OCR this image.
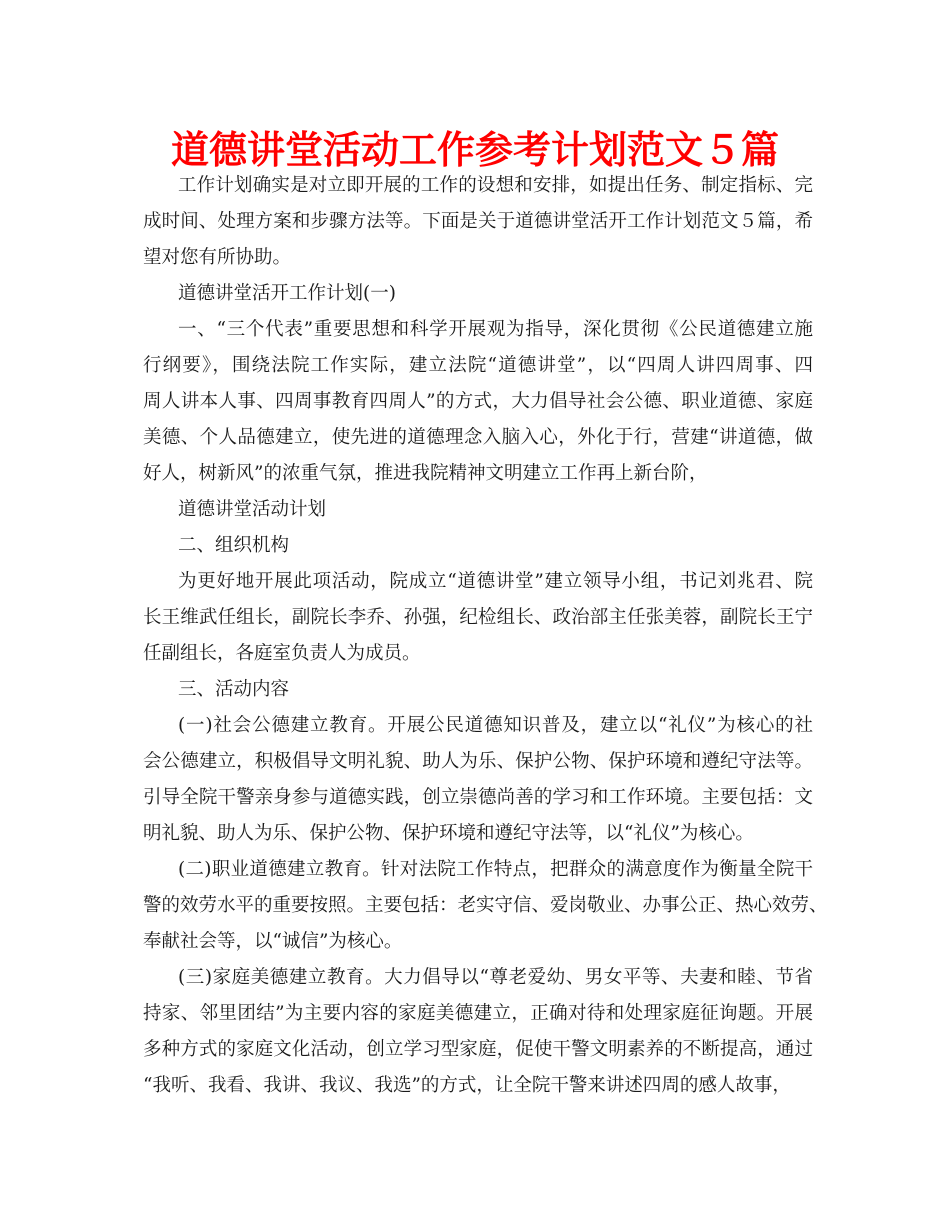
道德讲堂活动工作参考计划范文５篇

工作计划确实是对立即开展的工作的设想和安排，如提出任务、制定指标、完

成时间、处理方案和步骤方法等。下面是关于道德讲堂活开工作计划范文５篇，希

望对您有所协助。

道德讲堂活开工作计划(一)

一、“三个代表”重要思想和科学开展观为指导，深化贯彻《公民道德建立施

行纲要》，围绕法院工作实际，建立法院“道德讲堂”，以“四周人讲四周事、四

周人讲本人事、四周事教育四周人”的方式，大力倡导社会公德、职业道德、家庭

美德、个人品德建立，使先进的道德理念入脑入心，外化于行，营建“讲道德，做

好人，树新风”的浓重气氛，推进我院精神文明建立工作再上新台阶，

道德讲堂活动计划

二、组织机构

为更好地开展此项活动，院成立“道德讲堂”建立领导小组，书记刘兆君、院

长王维武任组长，副院长李乔、孙强，纪检组长、政治部主任张美蓉，副院长王宁

任副组长，各庭室负责人为成员。

三、活动内容

(一)社会公德建立教育。开展公民道德知识普及，建立以“礼仪”为核心的社

会公德建立，积极倡导文明礼貌、助人为乐、保护公物、保护环境和遵纪守法等。

引导全院干警亲身参与道德实践，创立崇德尚善的学习和工作环境。主要包括：文

明礼貌、助人为乐、保护公物、保护环境和遵纪守法等，以“礼仪”为核心。

(二)职业道德建立教育。针对法院工作特点，把群众的满意度作为衡量全院干

警的效劳水平的重要按照。主要包括：老实守信、爱岗敬业、办事公正、热心效劳、

奉献社会等，以“诚信”为核心。

(三)家庭美德建立教育。大力倡导以“尊老爱幼、男女平等、夫妻和睦、节省

持家、邻里团结”为主要内容的家庭美德建立，正确对待和处理家庭征询题。开展

多种方式的家庭文化活动，创立学习型家庭，促使干警文明素养的不断提高，通过

“我听、我看、我讲、我议、我选”的方式，让全院干警来讲述四周的感人故事，
